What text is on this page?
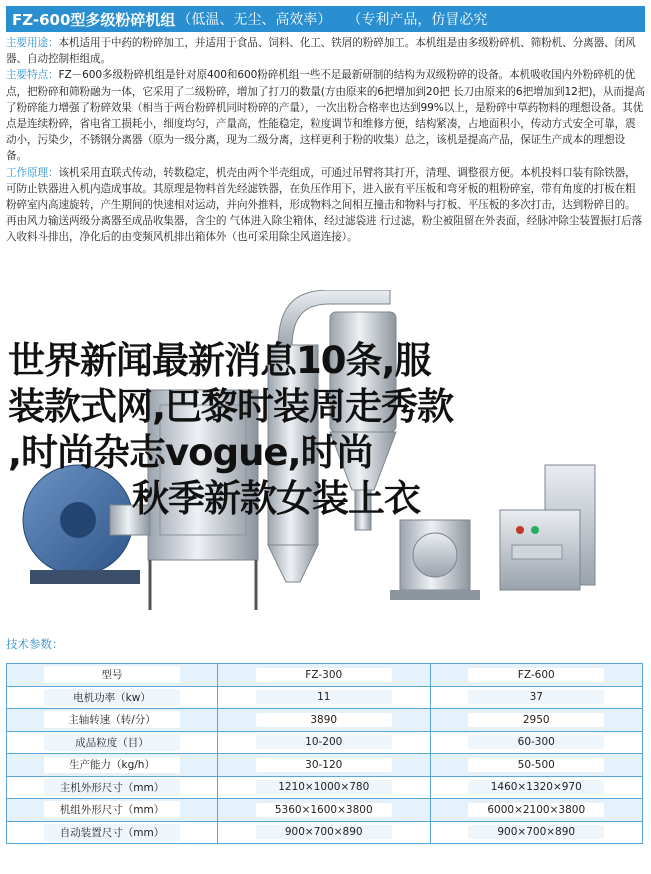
FZ-600型 多级粉碎机组 （低温、无尘、高效率） （专利产品，仿冒必究

主要用途：本机适用于中药的粉碎加工，并适用于食品、饲料、化工、铁屑的粉碎加工。本机组是由多级粉碎机、筛粉机、分离器、闭风器、自动控制柜组成。

主要特点：FZ－600多级粉碎机组是针对原400和600粉碎机组一些不足最新研制的结构为双级粉碎的设备。本机吸收国内外粉碎机的优点，把粉碎和筛粉融为一体，它采用了二级粉碎，增加了打刀的数量(方由原来的6把增加到20把 长刀由原来的6把增加到12把)，从而提高了粉碎能力增强了粉碎效果（相当于两台粉碎机同时粉碎的产量），一次出粉合格率也达到99%以上，是粉碎中草药物料的理想设备。其优点是连续粉碎，省电省工损耗小，细度均匀，产量高，性能稳定，粒度调节和维修方便，结构紧凑，占地面积小，传动方式安全可靠，震动小，污染少，不锈钢分离器（原为一级分离，现为二级分离，这样更利于粉的收集）总之，该机是提高产品，保证生产成本的理想设备。

工作原理：该机采用直联式传动，转数稳定，机壳由两个半壳组成，可通过吊臂将其打开，清理、调整很方便。本机投料口装有除铁器，可防止铁器进入机内造成事故。其原理是物料首先经滤铁器，在负压作用下，进入嵌有平压板和弯牙板的粗粉碎室，带有角度的打板在粗粉碎室内高速旋转，产生期间的快速相对运动，并向外推料，形成物料之间相互撞击和物料与打板、平压板的多次打击，达到粉碎目的。再由风力输送两级分离器至成品收集器，含尘的 气体进入除尘箱体，经过滤袋进 行过滤，粉尘被阻留在外表面，经脉冲除尘装置振打后落入收料斗排出，净化后的由变频风机排出箱体外（也可采用除尘风道连接）。

世界新闻最新消息10条,服
装款式网,巴黎时装周走秀款
,时尚杂志vogue,时尚
秋季新款女装上衣
技术参数：
型号	FZ-300	FZ-600
电机功率（kw）	11	37
主轴转速（转/分）	3890	2950
成品粒度（目）	10-200	60-300
生产能力（kg/h）	30-120	50-500
主机外形尺寸（mm）	1210×1000×780	1460×1320×970
机组外形尺寸（mm）	5360×1600×3800	6000×2100×3800
自动装置尺寸（mm）	900×700×890	900×700×890
